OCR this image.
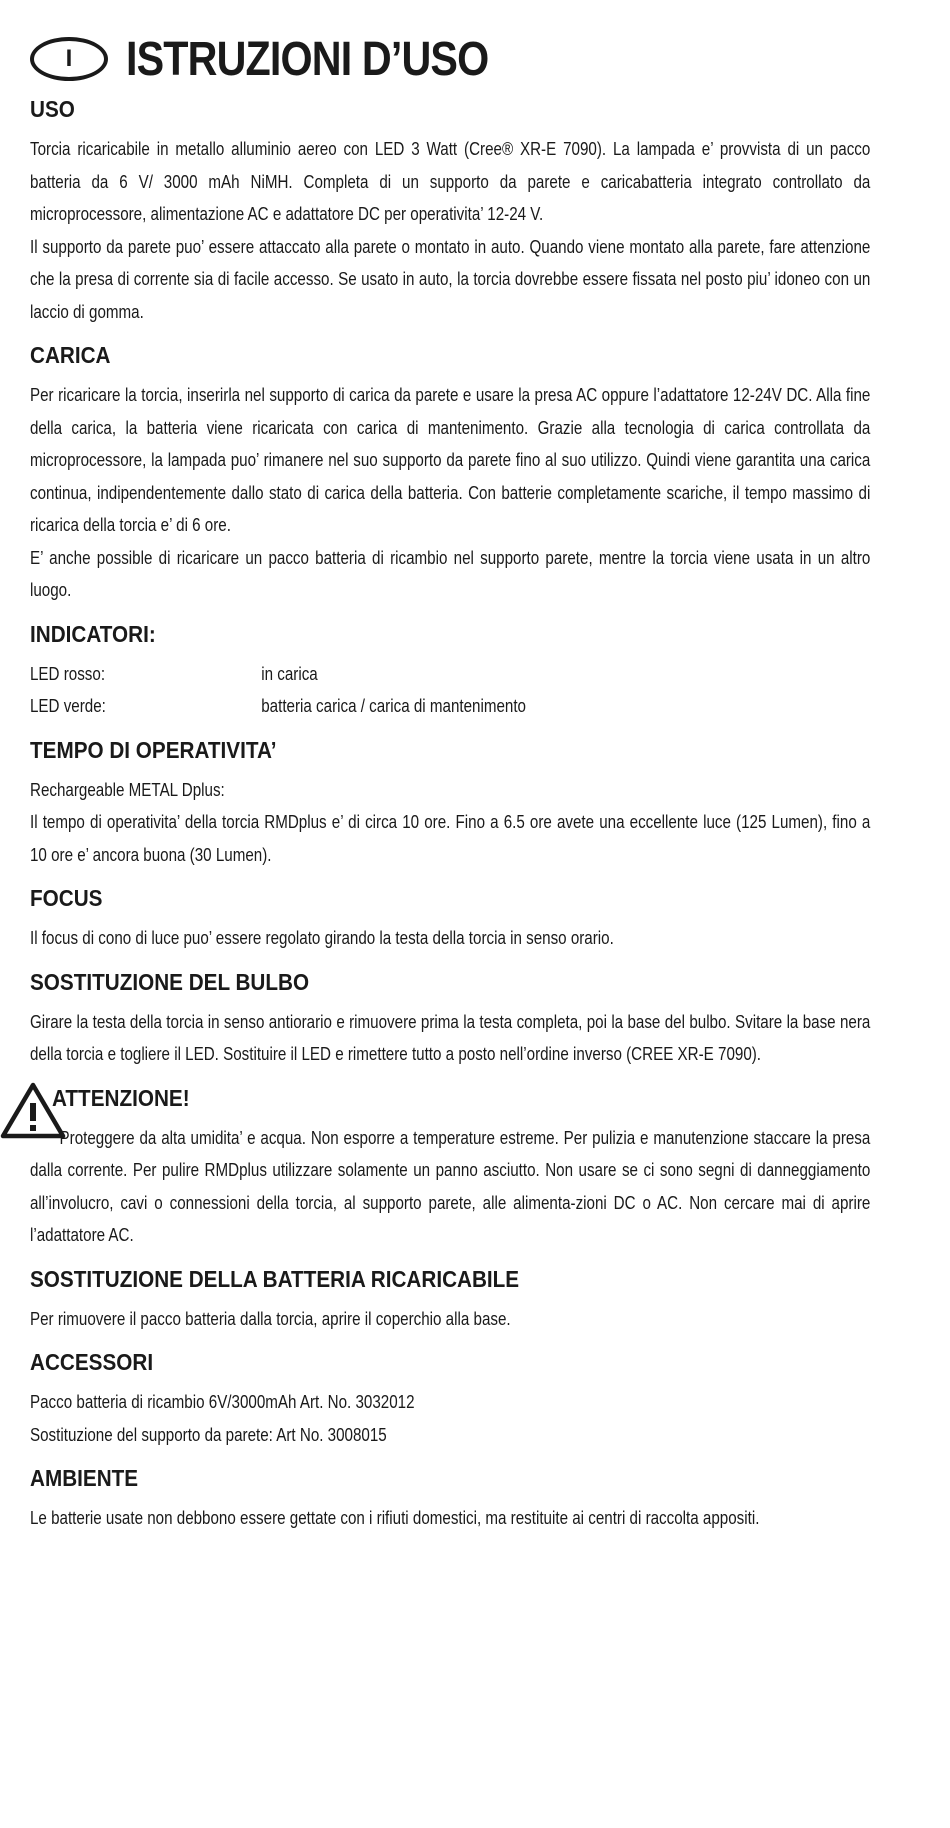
I	ISTRUZIONI D’USO
USO

Torcia ricaricabile in metallo alluminio aereo con LED 3 Watt (Cree® XR-E 7090). La lampada e’ provvista di un pacco batteria da 6 V/ 3000 mAh NiMH. Completa di un supporto da parete e caricabatteria integrato controllato da microprocessore, alimentazione AC e adattatore DC per operativita’ 12-24 V.

Il supporto da parete puo’ essere attaccato alla parete o montato in auto. Quando viene montato alla parete, fare attenzione che la presa di corrente sia di facile accesso. Se usato in auto, la torcia dovrebbe essere fissata nel posto piu’ idoneo con un laccio di gomma.

CARICA

Per ricaricare la torcia, inserirla nel supporto di carica da parete e usare la presa AC oppure l’adattatore 12-24V DC. Alla fine della carica, la batteria viene ricaricata con carica di mantenimento. Grazie alla tecnologia di carica controllata da microprocessore, la lampada puo’ rimanere nel suo supporto da parete fino al suo utilizzo. Quindi viene garantita una carica continua, indipendentemente dallo stato di carica della batteria. Con batterie completamente scariche, il tempo massimo di ricarica della torcia e’ di 6 ore.

E’ anche possible di ricaricare un pacco batteria di ricambio nel supporto parete, mentre la torcia viene usata in un altro luogo.

INDICATORI:
LED rosso:	in carica
LED verde:	batteria carica / carica di mantenimento
TEMPO DI OPERATIVITA’

Rechargeable METAL Dplus:

Il tempo di operativita’ della torcia RMDplus e’ di circa 10 ore. Fino a 6.5 ore avete una eccellente luce (125 Lumen), fino a 10 ore e’ ancora buona (30 Lumen).

FOCUS

Il focus di cono di luce puo’ essere regolato girando la testa della torcia in senso orario.

SOSTITUZIONE DEL BULBO

Girare la testa della torcia in senso antiorario e rimuovere prima la testa completa, poi la base del bulbo. Svitare la base nera della torcia e togliere il LED. Sostituire il LED e rimettere tutto a posto nell’ordine inverso (CREE XR-E 7090).

ATTENZIONE!

Proteggere da alta umidita’ e acqua. Non esporre a temperature estreme. Per pulizia e manutenzione staccare la presa dalla corrente. Per pulire RMDplus utilizzare solamente un panno asciutto. Non usare se ci sono segni di danneggiamento all’involucro, cavi o connessioni della torcia, al supporto parete, alle alimenta-zioni DC o AC. Non cercare mai di aprire l’adattatore AC.

SOSTITUZIONE DELLA BATTERIA RICARICABILE

Per rimuovere il pacco batteria dalla torcia, aprire il coperchio alla base.

ACCESSORI

Pacco batteria di ricambio 6V/3000mAh Art. No. 3032012

Sostituzione del supporto da parete: Art No. 3008015

AMBIENTE

Le batterie usate non debbono essere gettate con i rifiuti domestici, ma restituite ai centri di raccolta appositi.
